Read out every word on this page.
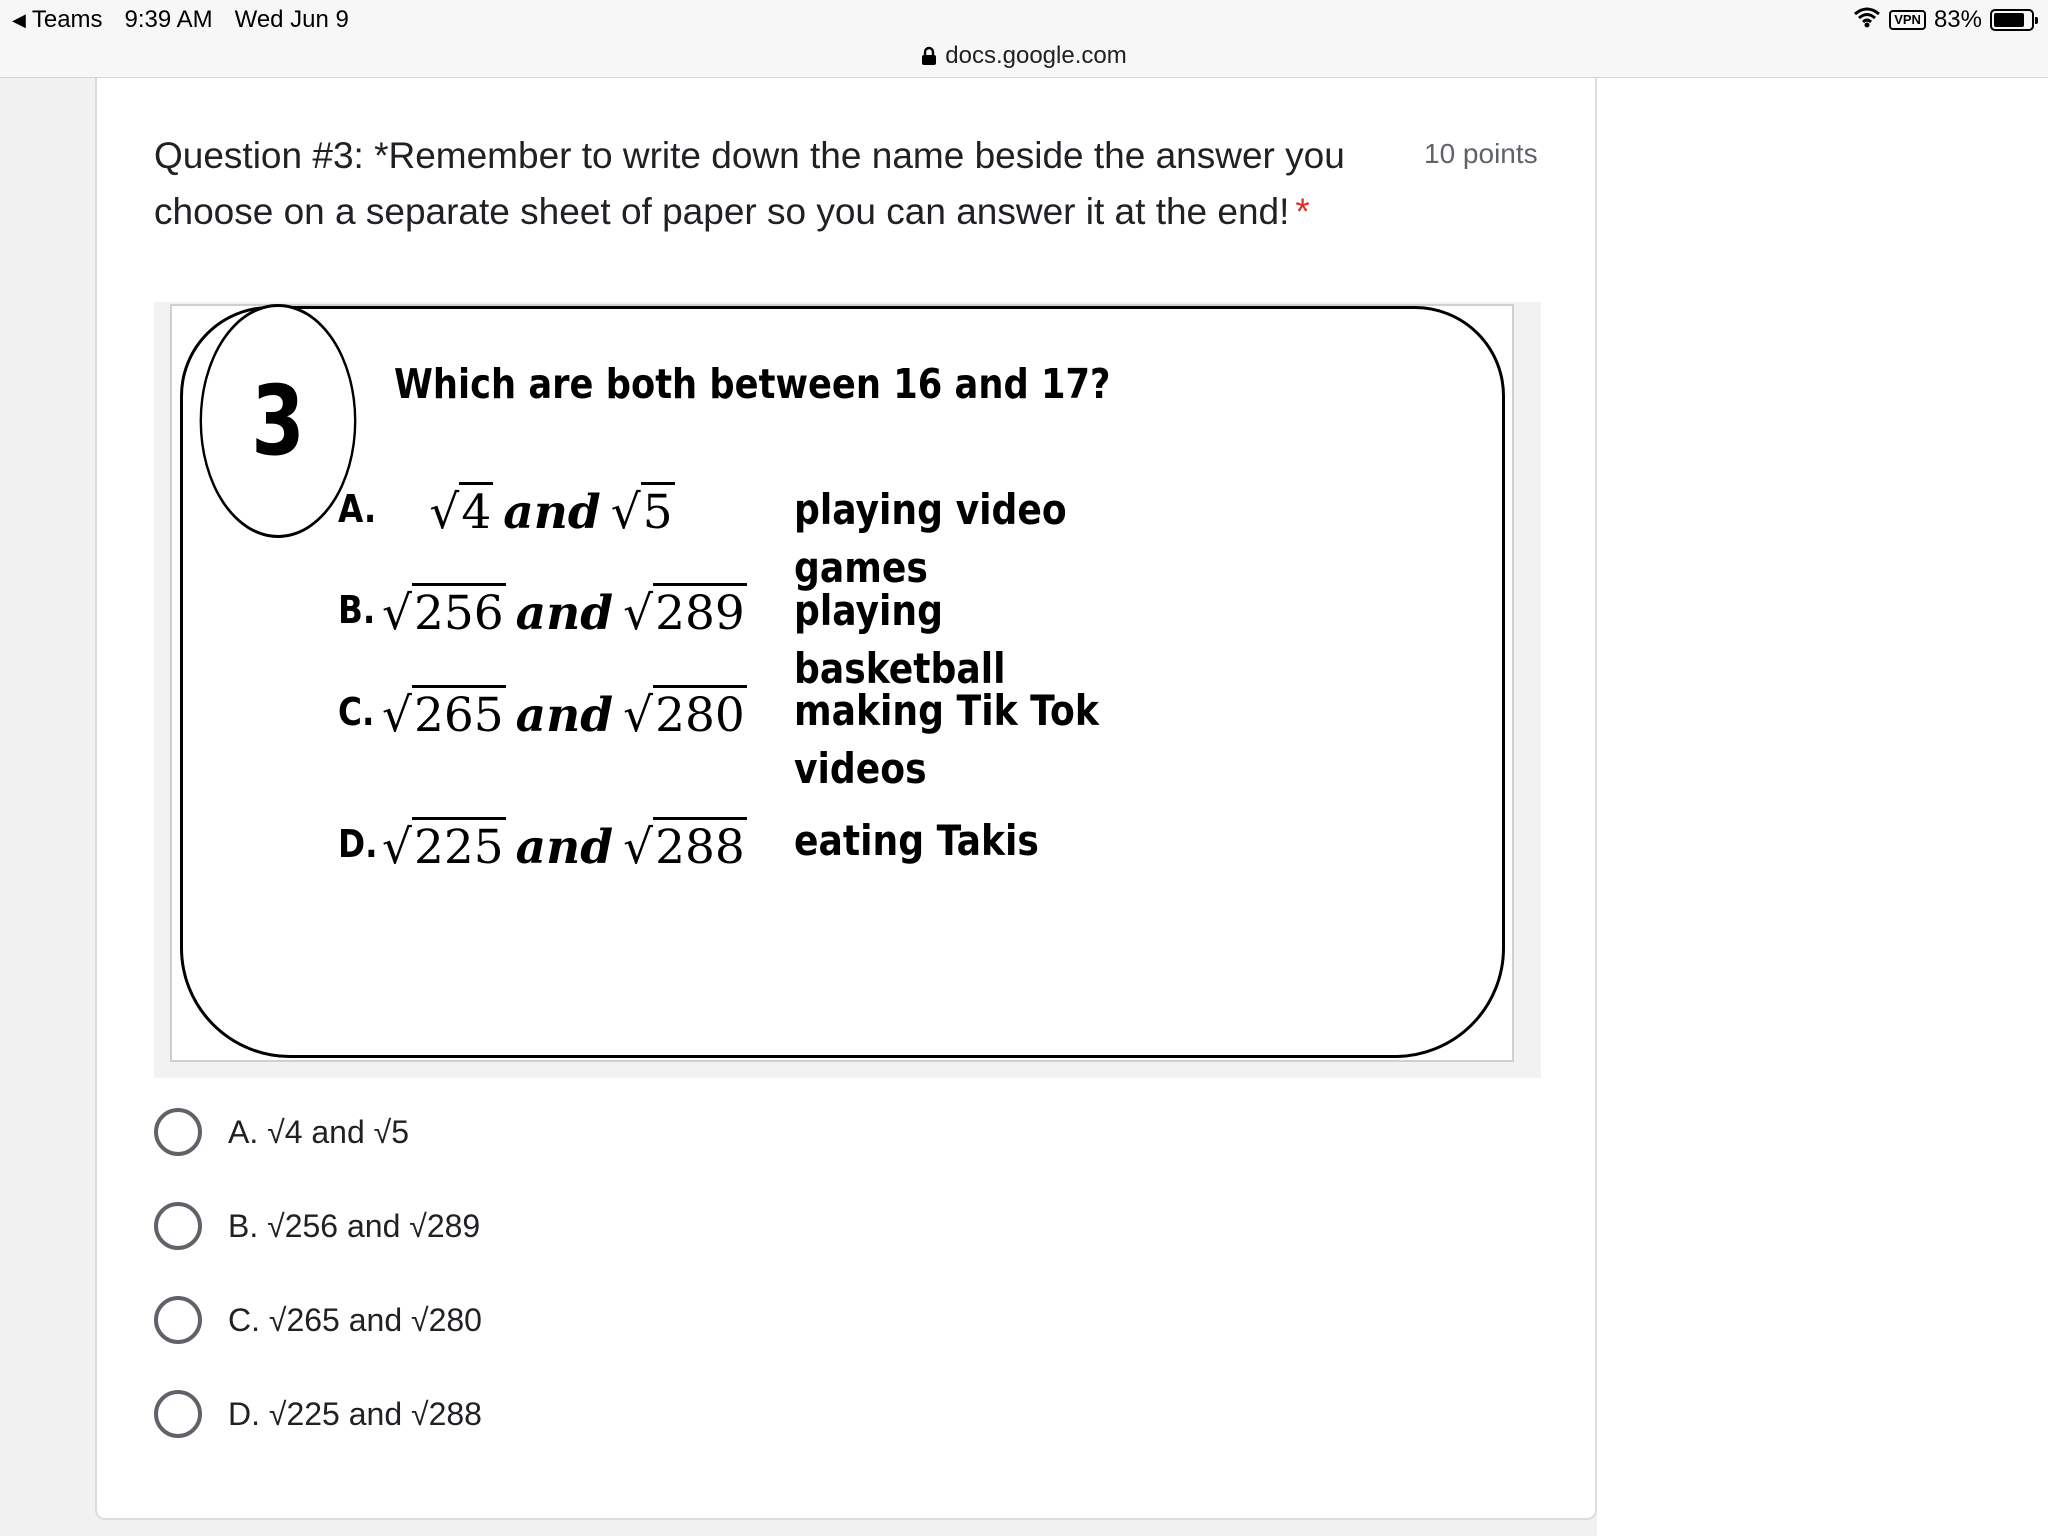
◀ Teams 9:39 AM Wed Jun 9	VPN 83%
docs.google.com
Question #3: *Remember to write down the name beside the answer you choose on a separate sheet of paper so you can answer it at the end! *
10 points
3 Which are both between 16 and 17?
A.	√4 and √5	playing video games
B. √256 and √289 playing basketball
C. √265 and √280 making Tik Tok videos
D. √225 and √288 eating Takis
A. √4 and √5
B. √256 and √289
C. √265 and √280
D. √225 and √288
